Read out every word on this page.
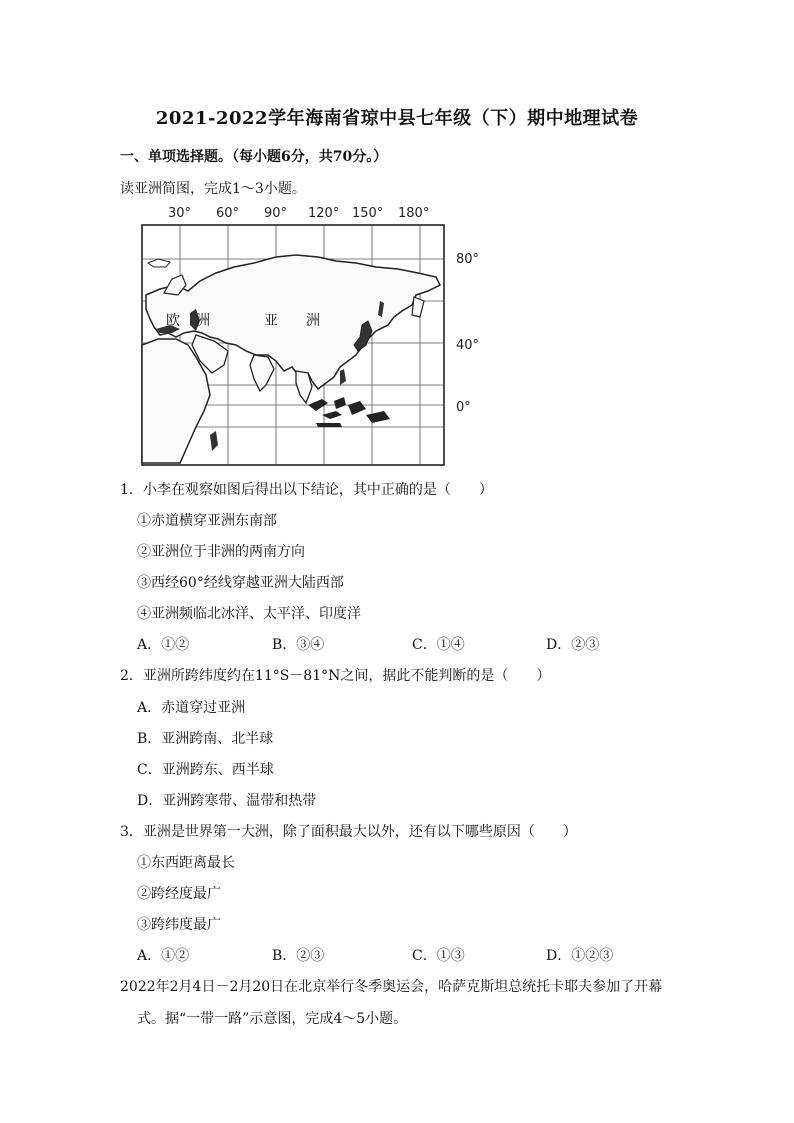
2021-2022学年海南省琼中县七年级（下）期中地理试卷
一、单项选择题。（每小题6分，共70分。）
读亚洲简图，完成1～3小题。
30° 60° 90° 120° 150° 180°
80°
40°
0°
欧 洲	亚 洲
1．小李在观察如图后得出以下结论，其中正确的是（　　）
①赤道横穿亚洲东南部
②亚洲位于非洲的两南方向
③西经60°经线穿越亚洲大陆西部
④亚洲频临北冰洋、太平洋、印度洋
A．①②	B．③④	C．①④	D．②③
2．亚洲所跨纬度约在11°S－81°N之间，据此不能判断的是（　　）
A．赤道穿过亚洲
B．亚洲跨南、北半球
C．亚洲跨东、西半球
D．亚洲跨寒带、温带和热带
3．亚洲是世界第一大洲，除了面积最大以外，还有以下哪些原因（　　）
①东西距离最长
②跨经度最广
③跨纬度最广
A．①②	B．②③	C．①③	D．①②③
2022年2月4日－2月20日在北京举行冬季奥运会，哈萨克斯坦总统托卡耶夫参加了开幕
式。据“一带一路”示意图，完成4～5小题。
